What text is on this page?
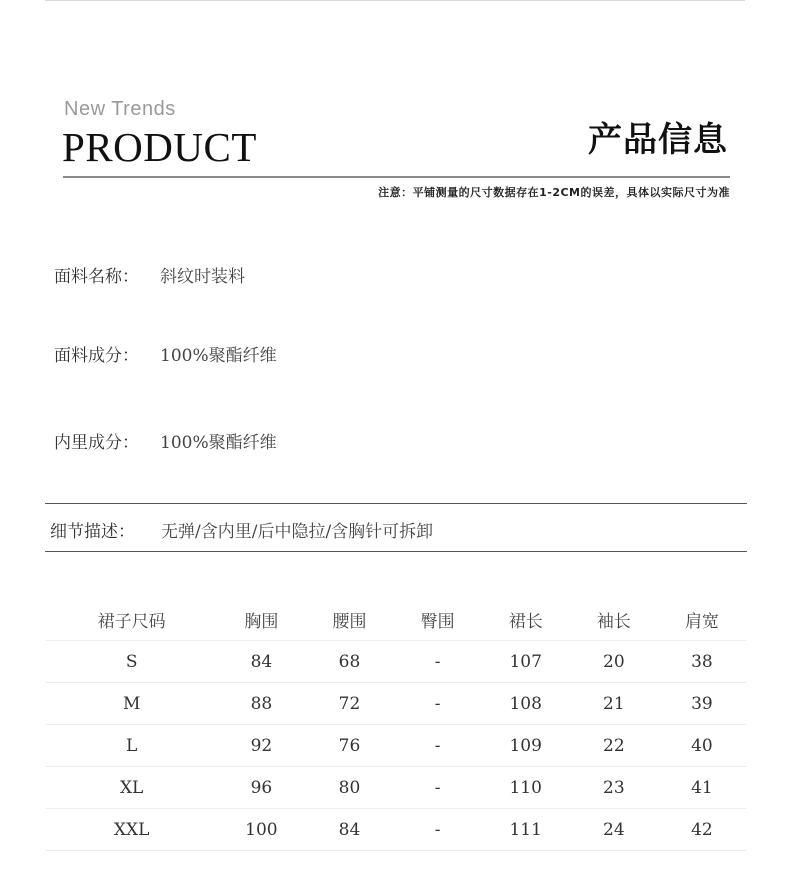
New Trends
PRODUCT	产品信息
注意：平铺测量的尺寸数据存在1-2CM的误差，具体以实际尺寸为准
面料名称： 斜纹时装料
面料成分： 100%聚酯纤维
内里成分： 100%聚酯纤维
细节描述： 无弹/含内里/后中隐拉/含胸针可拆卸
裙子尺码	胸围	腰围	臀围	裙长	袖长	肩宽
S	84	68	-	107	20	38
M	88	72	-	108	21	39
L	92	76	-	109	22	40
XL	96	80	-	110	23	41
XXL	100	84	-	111	24	42
